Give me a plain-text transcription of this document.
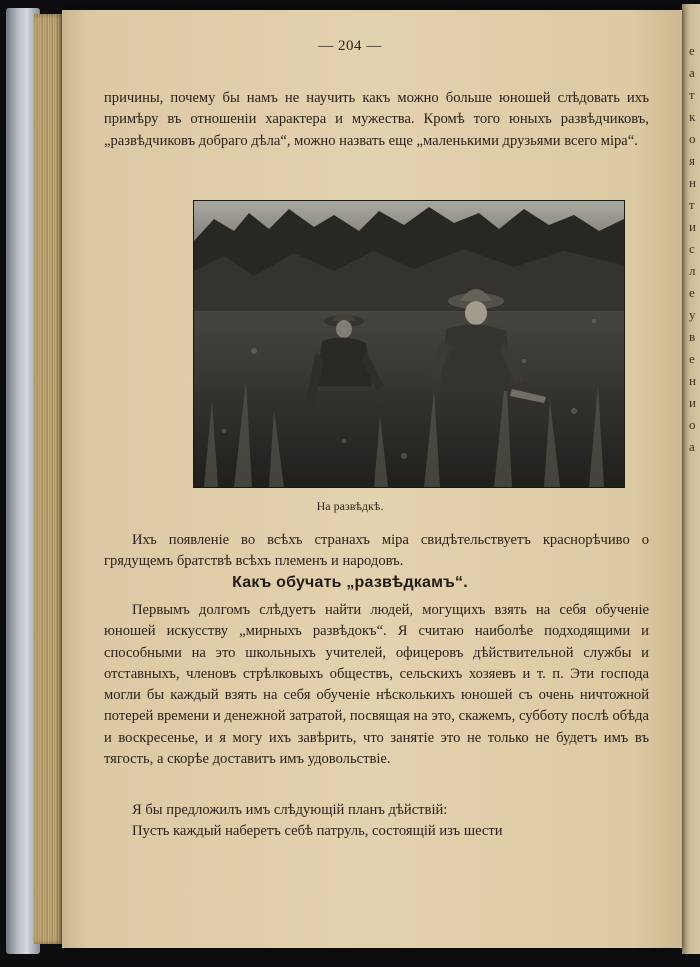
е
а
т
к
о
я
н
т
и
с
л
е
у
в
е
н
и
о
а
— 204 —

причины, почему бы намъ не научить какъ можно больше юношей слѣдовать ихъ примѣру въ отношеніи характера и мужества. Кромѣ того юныхъ развѣдчиковъ, „развѣдчиковъ добраго дѣла“, можно назвать еще „маленькими друзьями всего міра“.

На развѣдкѣ.

Ихъ появленіе во всѣхъ странахъ міра свидѣтельствуетъ краснорѣчиво о грядущемъ братствѣ всѣхъ племенъ и народовъ.

Какъ обучать „развѣдкамъ“.

Первымъ долгомъ слѣдуетъ найти людей, могущихъ взять на себя обученіе юношей искусству „мирныхъ развѣдокъ“. Я считаю наиболѣе подходящими и способными на это школьныхъ учителей, офицеровъ дѣйствительной службы и отставныхъ, членовъ стрѣлковыхъ обществъ, сельскихъ хозяевъ и т. п. Эти господа могли бы каждый взять на себя обученіе нѣсколькихъ юношей съ очень ничтожной потерей времени и денежной затратой, посвящая на это, скажемъ, субботу послѣ обѣда и воскресенье, и я могу ихъ завѣрить, что занятіе это не только не будетъ имъ въ тягость, а скорѣе доставитъ имъ удовольствіе.

Я бы предложилъ имъ слѣдующій планъ дѣйствій:

Пусть каждый наберетъ себѣ патруль, состоящій изъ шести
